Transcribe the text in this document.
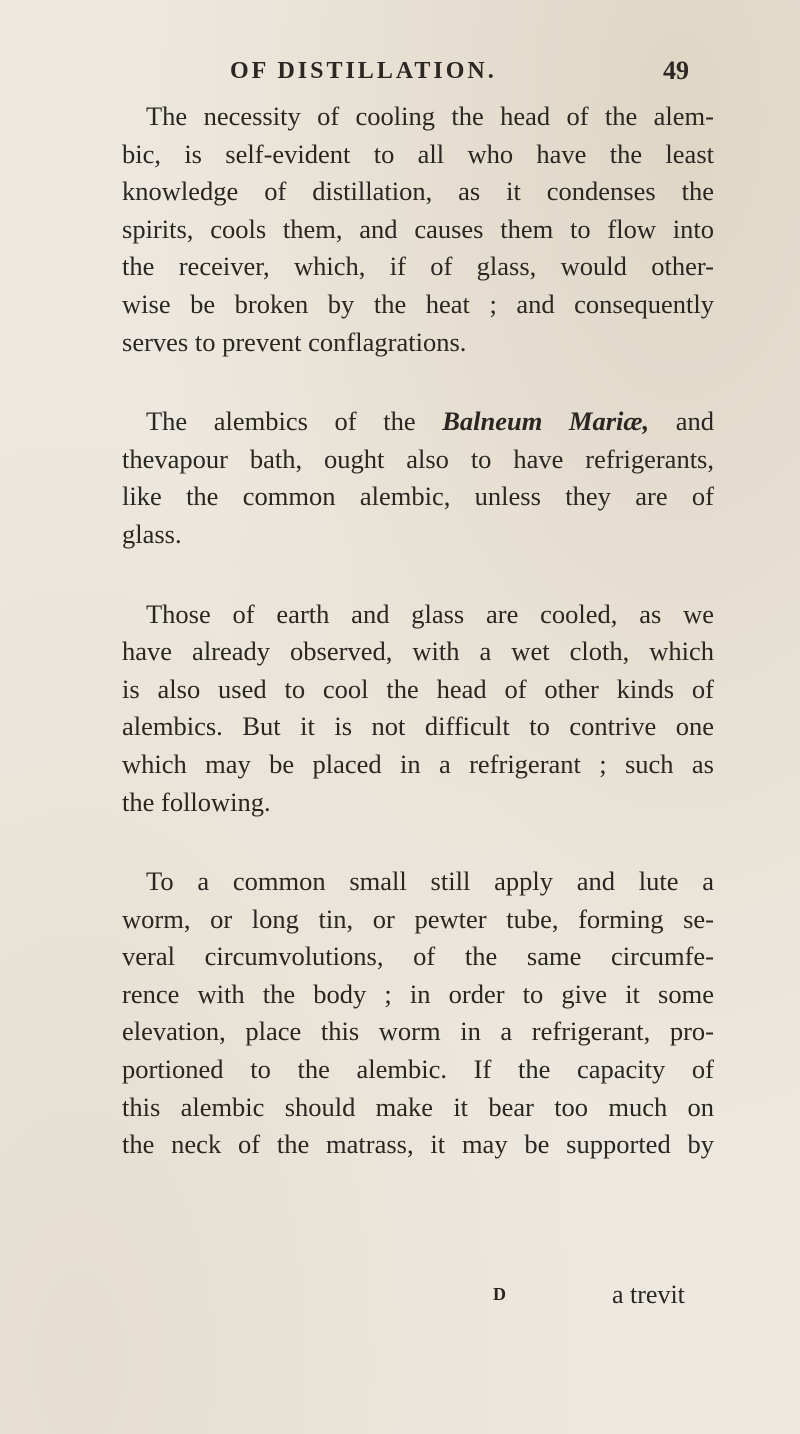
OF DISTILLATION.	49
The necessity of cooling the head of the alem-
bic, is self-evident to all who have the least
knowledge of distillation, as it condenses the
spirits, cools them, and causes them to flow into
the receiver, which, if of glass, would other-
wise be broken by the heat ; and consequently
serves to prevent conflagrations.
The alembics of the Balneum Mariæ, and
thevapour bath, ought also to have refrigerants,
like the common alembic, unless they are of
glass.
Those of earth and glass are cooled, as we
have already observed, with a wet cloth, which
is also used to cool the head of other kinds of
alembics. But it is not difficult to contrive one
which may be placed in a refrigerant ; such as
the following.
To a common small still apply and lute a
worm, or long tin, or pewter tube, forming se-
veral circumvolutions, of the same circumfe-
rence with the body ; in order to give it some
elevation, place this worm in a refrigerant, pro-
portioned to the alembic. If the capacity of
this alembic should make it bear too much on
the neck of the matrass, it may be supported by
D	a trevit
